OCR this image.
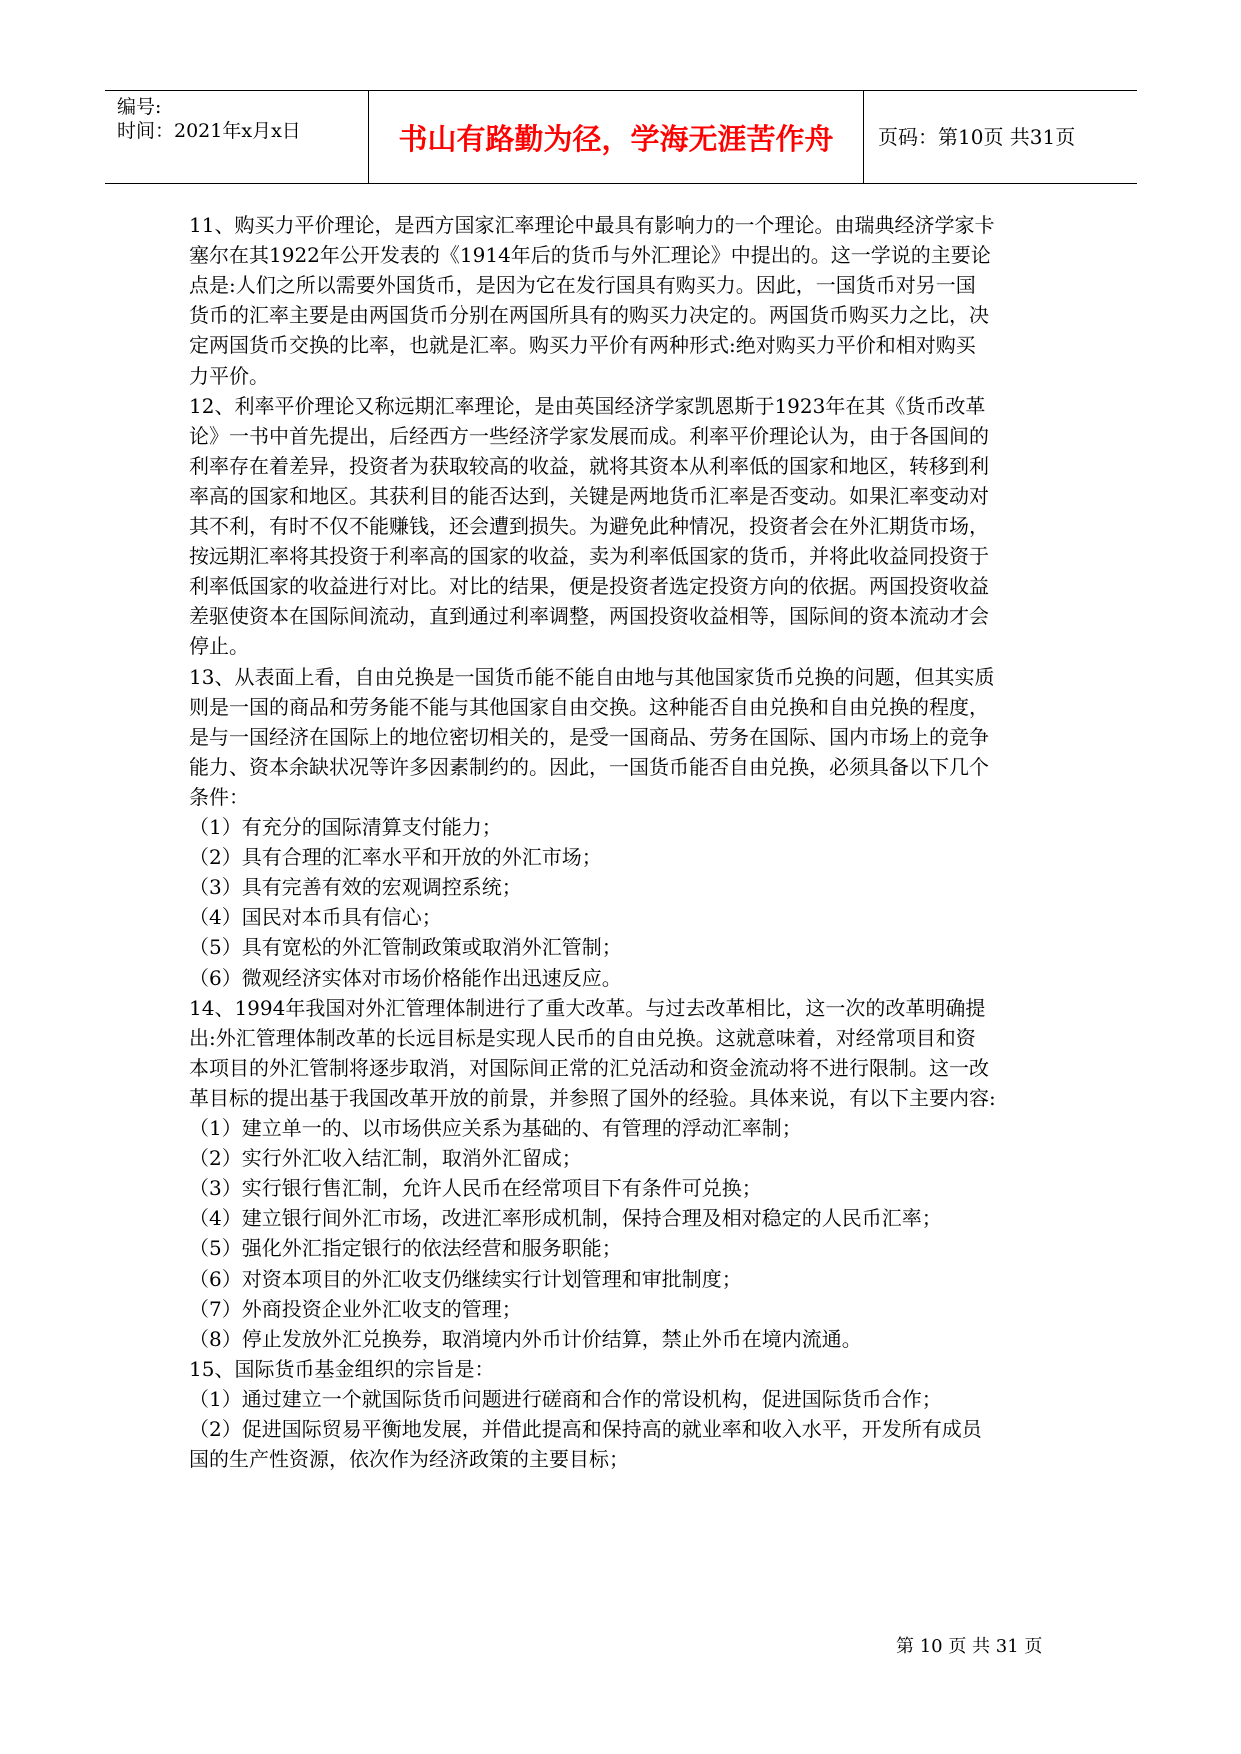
编号:
时间：2021年x月x日	书山有路勤为径，学海无涯苦作舟	页码：第10页 共31页
11、购买力平价理论，是西方国家汇率理论中最具有影响力的一个理论。由瑞典经济学家卡
塞尔在其1922年公开发表的《1914年后的货币与外汇理论》中提出的。这一学说的主要论
点是:人们之所以需要外国货币，是因为它在发行国具有购买力。因此，一国货币对另一国
货币的汇率主要是由两国货币分别在两国所具有的购买力决定的。两国货币购买力之比，决
定两国货币交换的比率，也就是汇率。购买力平价有两种形式:绝对购买力平价和相对购买
力平价。
12、利率平价理论又称远期汇率理论，是由英国经济学家凯恩斯于1923年在其《货币改革
论》一书中首先提出，后经西方一些经济学家发展而成。利率平价理论认为，由于各国间的
利率存在着差异，投资者为获取较高的收益，就将其资本从利率低的国家和地区，转移到利
率高的国家和地区。其获利目的能否达到，关键是两地货币汇率是否变动。如果汇率变动对
其不利，有时不仅不能赚钱，还会遭到损失。为避免此种情况，投资者会在外汇期货市场，
按远期汇率将其投资于利率高的国家的收益，卖为利率低国家的货币，并将此收益同投资于
利率低国家的收益进行对比。对比的结果，便是投资者选定投资方向的依据。两国投资收益
差驱使资本在国际间流动，直到通过利率调整，两国投资收益相等，国际间的资本流动才会
停止。
13、从表面上看，自由兑换是一国货币能不能自由地与其他国家货币兑换的问题，但其实质
则是一国的商品和劳务能不能与其他国家自由交换。这种能否自由兑换和自由兑换的程度，
是与一国经济在国际上的地位密切相关的，是受一国商品、劳务在国际、国内市场上的竞争
能力、资本余缺状况等许多因素制约的。因此，一国货币能否自由兑换，必须具备以下几个
条件：
（1）有充分的国际清算支付能力；
（2）具有合理的汇率水平和开放的外汇市场；
（3）具有完善有效的宏观调控系统；
（4）国民对本币具有信心；
（5）具有宽松的外汇管制政策或取消外汇管制；
（6）微观经济实体对市场价格能作出迅速反应。
14、1994年我国对外汇管理体制进行了重大改革。与过去改革相比，这一次的改革明确提
出:外汇管理体制改革的长远目标是实现人民币的自由兑换。这就意味着，对经常项目和资
本项目的外汇管制将逐步取消，对国际间正常的汇兑活动和资金流动将不进行限制。这一改
革目标的提出基于我国改革开放的前景，并参照了国外的经验。具体来说，有以下主要内容:
（1）建立单一的、以市场供应关系为基础的、有管理的浮动汇率制；
（2）实行外汇收入结汇制，取消外汇留成；
（3）实行银行售汇制，允许人民币在经常项目下有条件可兑换；
（4）建立银行间外汇市场，改进汇率形成机制，保持合理及相对稳定的人民币汇率；
（5）强化外汇指定银行的依法经营和服务职能；
（6）对资本项目的外汇收支仍继续实行计划管理和审批制度；
（7）外商投资企业外汇收支的管理；
（8）停止发放外汇兑换券，取消境内外币计价结算，禁止外币在境内流通。
15、国际货币基金组织的宗旨是：
（1）通过建立一个就国际货币问题进行磋商和合作的常设机构，促进国际货币合作；
（2）促进国际贸易平衡地发展，并借此提高和保持高的就业率和收入水平，开发所有成员
国的生产性资源，依次作为经济政策的主要目标；
第 10 页 共 31 页
